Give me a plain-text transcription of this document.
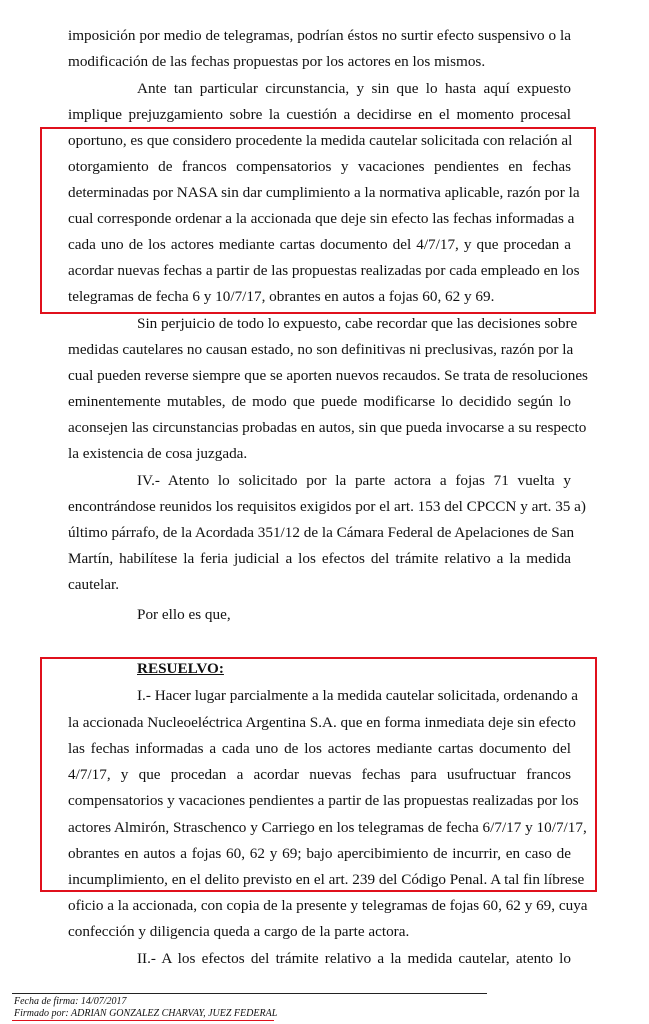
imposición por medio de telegramas, podrían éstos no surtir efecto suspensivo o la
modificación de las fechas propuestas por los actores en los mismos.
Ante tan particular circunstancia, y sin que lo hasta aquí expuesto
implique prejuzgamiento sobre la cuestión a decidirse en el momento procesal
oportuno, es que considero procedente la medida cautelar solicitada con relación al
otorgamiento de francos compensatorios y vacaciones pendientes en fechas
determinadas por NASA sin dar cumplimiento a la normativa aplicable, razón por la
cual corresponde ordenar a la accionada que deje sin efecto las fechas informadas a
cada uno de los actores mediante cartas documento del 4/7/17, y que procedan a
acordar nuevas fechas a partir de las propuestas realizadas por cada empleado en los
telegramas de fecha 6 y 10/7/17, obrantes en autos a fojas 60, 62 y 69.
Sin perjuicio de todo lo expuesto, cabe recordar que las decisiones sobre
medidas cautelares no causan estado, no son definitivas ni preclusivas, razón por la
cual pueden reverse siempre que se aporten nuevos recaudos. Se trata de resoluciones
eminentemente mutables, de modo que puede modificarse lo decidido según lo
aconsejen las circunstancias probadas en autos, sin que pueda invocarse a su respecto
la existencia de cosa juzgada.
IV.- Atento lo solicitado por la parte actora a fojas 71 vuelta y
encontrándose reunidos los requisitos exigidos por el art. 153 del CPCCN y art. 35 a)
último párrafo, de la Acordada 351/12 de la Cámara Federal de Apelaciones de San
Martín, habilítese la feria judicial a los efectos del trámite relativo a la medida
cautelar.
Por ello es que,
RESUELVO:
I.- Hacer lugar parcialmente a la medida cautelar solicitada, ordenando a
la accionada Nucleoeléctrica Argentina S.A. que en forma inmediata deje sin efecto
las fechas informadas a cada uno de los actores mediante cartas documento del
4/7/17, y que procedan a acordar nuevas fechas para usufructuar francos
compensatorios y vacaciones pendientes a partir de las propuestas realizadas por los
actores Almirón, Straschenco y Carriego en los telegramas de fecha 6/7/17 y 10/7/17,
obrantes en autos a fojas 60, 62 y 69; bajo apercibimiento de incurrir, en caso de
incumplimiento, en el delito previsto en el art. 239 del Código Penal. A tal fin líbrese
oficio a la accionada, con copia de la presente y telegramas de fojas 60, 62 y 69, cuya
confección y diligencia queda a cargo de la parte actora.
II.- A los efectos del trámite relativo a la medida cautelar, atento lo
Fecha de firma: 14/07/2017
Firmado por: ADRIAN GONZALEZ CHARVAY, JUEZ FEDERAL
